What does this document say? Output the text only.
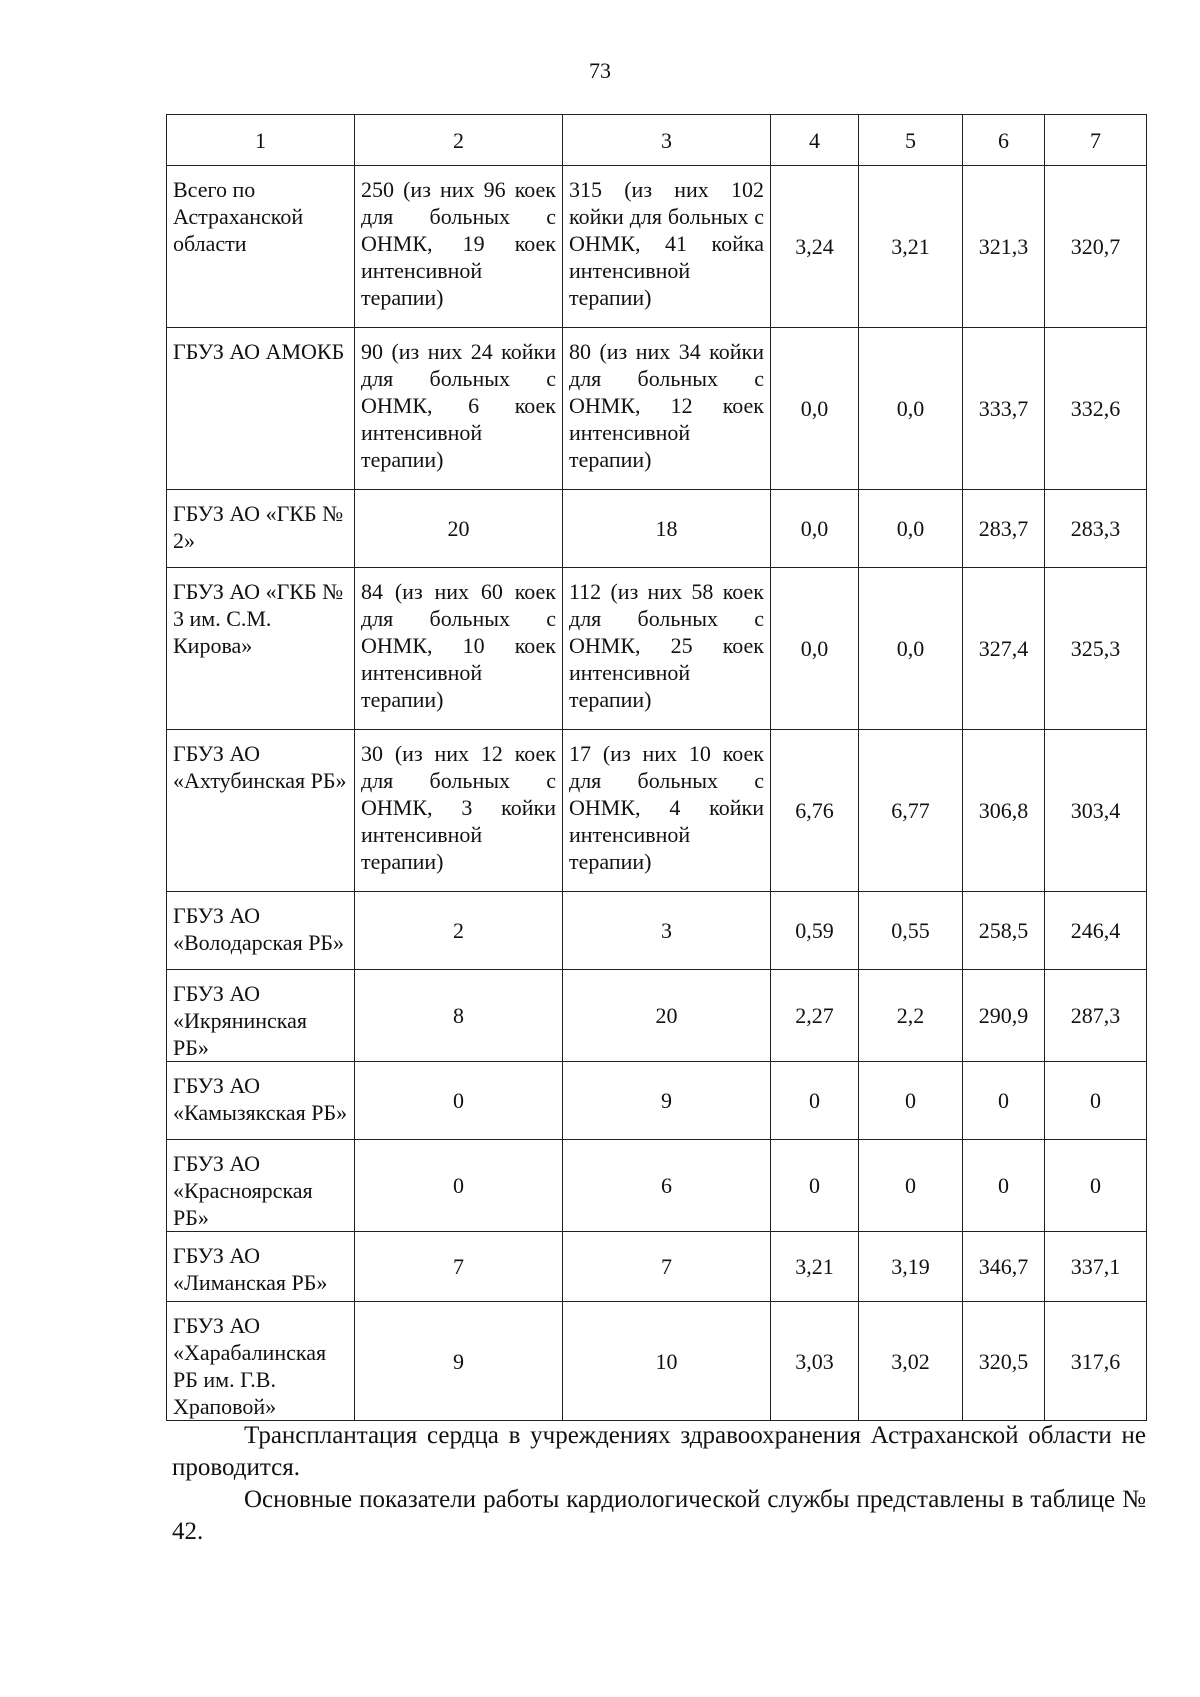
73
1	2	3	4	5	6	7
Всего по Астраханской области	250 (из них 96 коек для больных с ОНМК, 19 коек интенсивной терапии)	315 (из них 102 койки для больных с ОНМК, 41 койка интенсивной терапии)	3,24	3,21	321,3	320,7
ГБУЗ АО АМОКБ	90 (из них 24 койки для больных с ОНМК, 6 коек интенсивной терапии)	80 (из них 34 койки для больных с ОНМК, 12 коек интенсивной терапии)	0,0	0,0	333,7	332,6
ГБУЗ АО «ГКБ № 2»	20	18	0,0	0,0	283,7	283,3
ГБУЗ АО «ГКБ № 3 им. С.М. Кирова»	84 (из них 60 коек для больных с ОНМК, 10 коек интенсивной терапии)	112 (из них 58 коек для больных с ОНМК, 25 коек интенсивной терапии)	0,0	0,0	327,4	325,3
ГБУЗ АО «Ахтубинская РБ»	30 (из них 12 коек для больных с ОНМК, 3 койки интенсивной терапии)	17 (из них 10 коек для больных с ОНМК, 4 койки интенсивной терапии)	6,76	6,77	306,8	303,4
ГБУЗ АО «Володарская РБ»	2	3	0,59	0,55	258,5	246,4
ГБУЗ АО «Икрянинская РБ»	8	20	2,27	2,2	290,9	287,3
ГБУЗ АО «Камызякская РБ»	0	9	0	0	0	0
ГБУЗ АО «Красноярская РБ»	0	6	0	0	0	0
ГБУЗ АО «Лиманская РБ»	7	7	3,21	3,19	346,7	337,1
ГБУЗ АО «Харабалинская РБ им. Г.В. Храповой»	9	10	3,03	3,02	320,5	317,6

Трансплантация сердца в учреждениях здравоохранения Астраханской области не проводится.

Основные показатели работы кардиологической службы представлены в таблице № 42.
